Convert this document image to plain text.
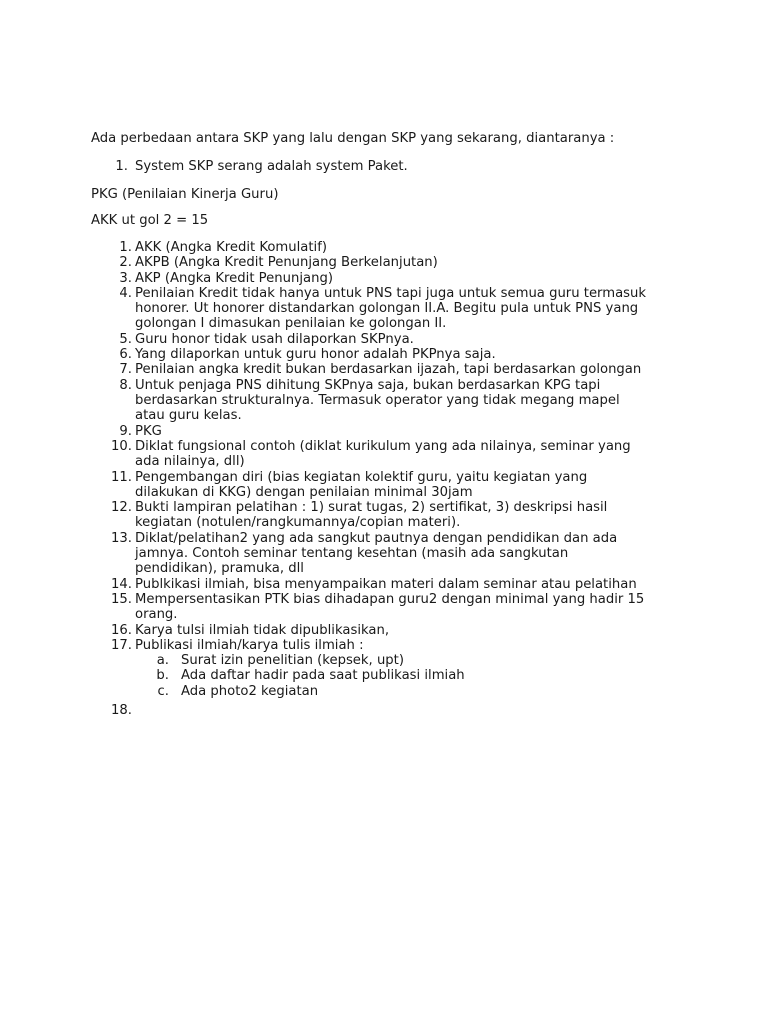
Ada perbedaan antara SKP yang lalu dengan SKP yang sekarang, diantaranya :
1. System SKP serang adalah system Paket.
PKG (Penilaian Kinerja Guru)
AKK ut gol 2 = 15
1. AKK (Angka Kredit Komulatif)
2. AKPB (Angka Kredit Penunjang Berkelanjutan)
3. AKP (Angka Kredit Penunjang)
4. Penilaian Kredit tidak hanya untuk PNS tapi juga untuk semua guru termasuk
honorer. Ut honorer distandarkan golongan II.A. Begitu pula untuk PNS yang
golongan I dimasukan penilaian ke golongan II.
5. Guru honor tidak usah dilaporkan SKPnya.
6. Yang dilaporkan untuk guru honor adalah PKPnya saja.
7. Penilaian angka kredit bukan berdasarkan ijazah, tapi berdasarkan golongan
8. Untuk penjaga PNS dihitung SKPnya saja, bukan berdasarkan KPG tapi
berdasarkan strukturalnya. Termasuk operator yang tidak megang mapel
atau guru kelas.
9. PKG
10. Diklat fungsional contoh (diklat kurikulum yang ada nilainya, seminar yang
ada nilainya, dll)
11. Pengembangan diri (bias kegiatan kolektif guru, yaitu kegiatan yang
dilakukan di KKG) dengan penilaian minimal 30jam
12. Bukti lampiran pelatihan : 1) surat tugas, 2) sertifikat, 3) deskripsi hasil
kegiatan (notulen/rangkumannya/copian materi).
13. Diklat/pelatihan2 yang ada sangkut pautnya dengan pendidikan dan ada
jamnya. Contoh seminar tentang kesehtan (masih ada sangkutan
pendidikan), pramuka, dll
14. Publkikasi ilmiah, bisa menyampaikan materi dalam seminar atau pelatihan
15. Mempersentasikan PTK bias dihadapan guru2 dengan minimal yang hadir 15
orang.
16. Karya tulsi ilmiah tidak dipublikasikan,
17. Publikasi ilmiah/karya tulis ilmiah :
a. Surat izin penelitian (kepsek, upt)
b. Ada daftar hadir pada saat publikasi ilmiah
c. Ada photo2 kegiatan
18.
